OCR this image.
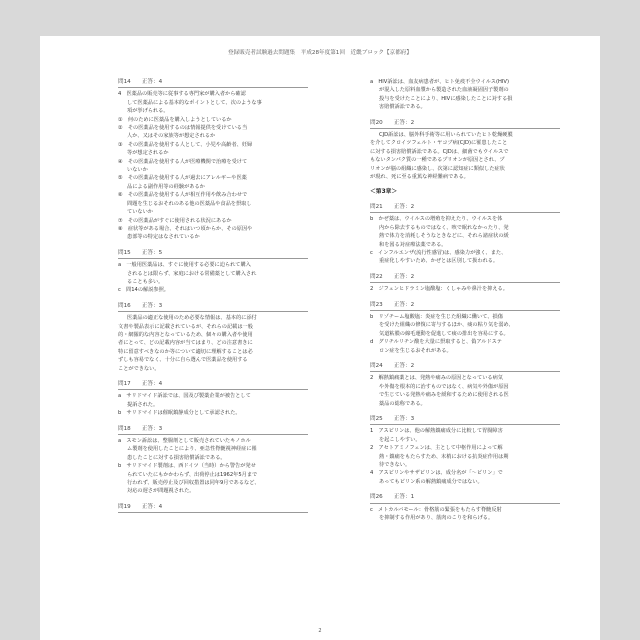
登録販売者試験過去問題集　平成28年度第1回　近畿ブロック【京都府】
問14　　正答：4
4　医薬品の販売等に従事する専門家が購入者から確認
して医薬品による基本的なポイントとして、次のような事
項が挙げられる。
①　何のために医薬品を購入しようとしているか
②　その医薬品を使用するのは情報提供を受けている当
人か、又はその家族等が想定されるか
③　その医薬品を使用する人として、小児や高齢者、妊婦
等が想定されるか
④　その医薬品を使用する人が医療機関で治療を受けて
いないか
⑤　その医薬品を使用する人が過去にアレルギーや医薬
品による副作用等の経験があるか
⑥　その医薬品を使用する人が相互作用や飲み合わせで
問題を生じるおそれのある他の医薬品や食品を摂取し
ていないか
⑦　その医薬品がすぐに使用される状況にあるか
⑧　症状等がある場合、それはいつ頃からか、その原因や
患部等の特定はなされているか
問15　　正答：5
a　一般用医薬品は、すぐに使用する必要に迫られて購入
されるとは限らず、家庭における常備薬として購入され
ることも多い。
c　問14の解説参照。
問16　　正答：3
医薬品の適正な使用のため必要な情報は、基本的に添付
文書や製品表示に記載されているが、それらの記載は一般
的・網羅的な内容となっているため、個々の購入者や使用
者にとって、どの記載内容が当てはまり、どの注意書きに
特に留意すべきなのか等について適切に理解することは必
ずしも容易でなく、十分に自ら選んで医薬品を使用する
ことができない。
問17　　正答：4
a　サリドマイド訴訟では、国及び製薬企業が被告として
提訴された。
b　サリドマイドは催眠鎮静成分として承認された。
問18　　正答：3
a　スモン訴訟は、整腸剤として販売されていたキノホル
ム製剤を使用したことにより、亜急性脊髄視神経症に罹
患したことに対する損害賠償訴訟である。
b　サリドマイド製剤は、西ドイツ（当時）から警告が発せ
られていたにもかかわらず、出荷停止は1962年5月まで
行われず、販売停止及び回収措置は同年9月であるなど、
対応の遅さが問題視された。
問19　　正答：4
a　HIV訴訟は、血友病患者が、ヒト免疫不全ウイルス(HIV)
が混入した原料血漿から製造された血液凝固因子製剤の
投与を受けたことにより、HIVに感染したことに対する損
害賠償訴訟である。
問20　　正答：2
CJD訴訟は、脳外科手術等に用いられていたヒト乾燥硬膜
を介してクロイツフェルト・ヤコブ病(CJD)に罹患したこと
に対する損害賠償訴訟である。CJDは、細菌でもウイルスで
もないタンパク質の一種であるプリオンが原因とされ、プ
リオンが脳の組織に感染し、次第に認知症に類似した症状
が現れ、死に至る重篤な神経難病である。
＜第3章＞
問21　　正答：2
b　かぜ薬は、ウイルスの増殖を抑えたり、ウイルスを体
内から除去するものではなく、咳で眠れなかったり、発
熱で体力を消耗しそうなときなどに、それら諸症状の緩
和を図る対症療法薬である。
c　インフルエンザ(流行性感冒)は、感染力が強く、また、
重症化しやすいため、かぜとは区別して扱われる。
問22　　正答：2
2　ジフェンヒドラミン塩酸塩：くしゃみや鼻汁を抑える。
問23　　正答：2
b　リゾチーム塩酸塩：炎症を生じた組織に働いて、損傷
を受けた組織の修復に寄与するほか、痰の粘り気を弱め、
気道粘膜の線毛運動を促進して痰の排出を容易にする。
d　グリチルリチン酸を大量に摂取すると、偽アルドステ
ロン症を生じるおそれがある。
問24　　正答：2
2　解熱鎮痛薬とは、発熱や痛みの原因となっている病気
や外傷を根本的に治すものではなく、病気や外傷が原因
で生じている発熱や痛みを緩和するために使用される医
薬品の総称である。
問25　　正答：3
1　アスピリンは、他の解熱鎮痛成分に比較して胃腸障害
を起こしやすい。
2　アセトアミノフェンは、主として中枢作用によって解
熱・鎮痛をもたらすため、末梢における抗炎症作用は期
待できない。
4　アスピリンやサザピリンは、成分名が「～ピリン」で
あってもピリン系の解熱鎮痛成分ではない。
問26　　正答：1
c　メトカルバモール：骨格筋の緊張をもたらす脊髄反射
を抑制する作用があり、筋肉のこりを和らげる。
2
